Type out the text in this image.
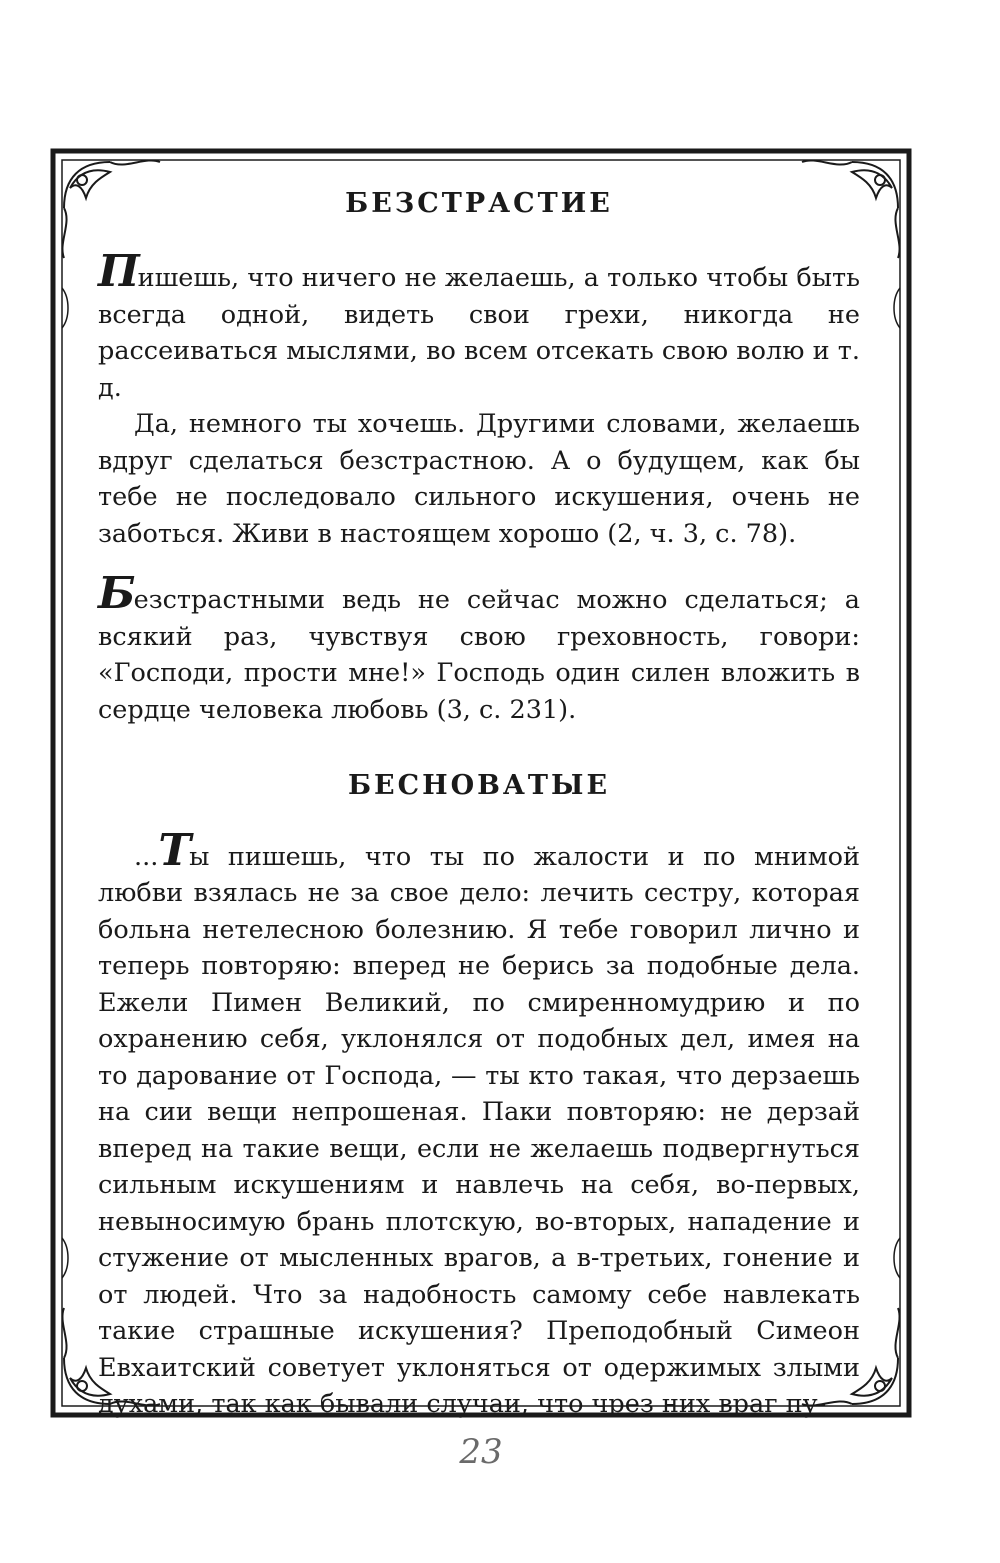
БЕЗСТРАСТИЕ

Пишешь, что ничего не желаешь, а только чтобы быть всегда одной, видеть свои грехи, никогда не рассеиваться мыслями, во всем отсекать свою волю и т. д.

Да, немного ты хочешь. Другими словами, желаешь вдруг сделаться безстрастною. А о будущем, как бы тебе не последовало сильного искушения, очень не заботься. Живи в настоящем хорошо (2, ч. 3, с. 78).

Безстрастными ведь не сейчас можно сделаться; а всякий раз, чувствуя свою греховность, говори: «Господи, прости мне!» Господь один силен вложить в сердце человека любовь (3, с. 231).

БЕСНОВАТЫЕ

...Ты пишешь, что ты по жалости и по мнимой любви взялась не за свое дело: лечить сестру, которая больна нетелесною болезнию. Я тебе говорил лично и теперь повторяю: вперед не берись за подобные дела. Ежели Пимен Великий, по смиренномудрию и по охранению себя, уклонялся от подобных дел, имея на то дарование от Господа, — ты кто такая, что дерзаешь на сии вещи непрошеная. Паки повторяю: не дерзай вперед на такие вещи, если не желаешь подвергнуться сильным искушениям и навлечь на себя, во-первых, невыносимую брань плотскую, во-вторых, нападение и стужение от мысленных врагов, а в-третьих, гонение и от людей. Что за надобность самому себе навлекать такие страшные искушения? Преподобный Симеон Евхаитский советует уклоняться от одержимых злыми духами, так как бывали случаи, что чрез них враг пу-

23
